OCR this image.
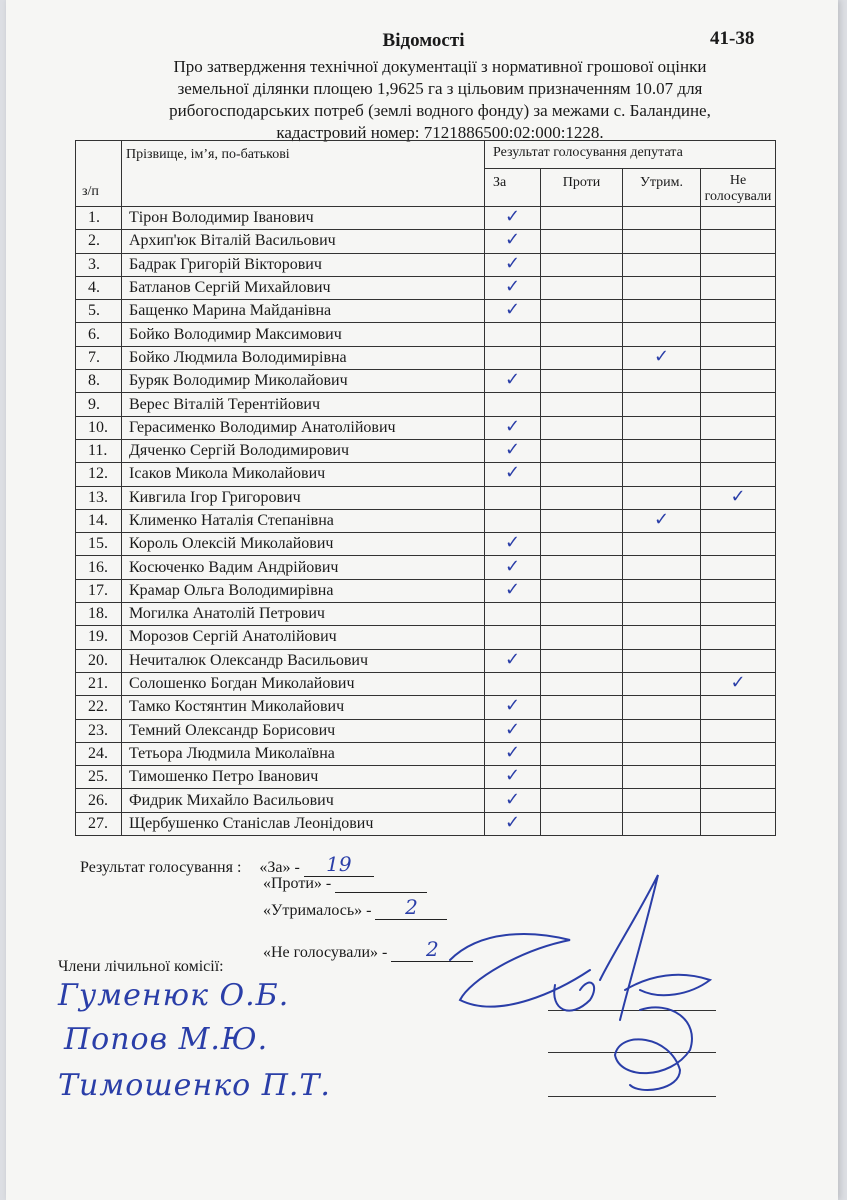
41-38
Відомості
Про затвердження технічної документації з нормативної грошової оцінки
земельної ділянки площею 1,9625 га з цільовим призначенням 10.07 для
рибогосподарських потреб (землі водного фонду) за межами с. Баландине,
кадастровий номер: 7121886500:02:000:1228.
з/п	Прізвище, ім’я, по-батькові	Результат голосування депутата			
		За	Проти	Утрим.	Не голосували
1.	Тірон Володимир Іванович	✓			
2.	Архип'юк Віталій Васильович	✓			
3.	Бадрак Григорій Вікторович	✓			
4.	Батланов Сергій Михайлович	✓			
5.	Бащенко Марина Майданівна	✓			
6.	Бойко Володимир Максимович				
7.	Бойко Людмила Володимирівна			✓	
8.	Буряк Володимир Миколайович	✓			
9.	Верес Віталій Терентійович				
10.	Герасименко Володимир Анатолійович	✓			
11.	Дяченко Сергій Володимирович	✓			
12.	Ісаков Микола Миколайович	✓			
13.	Кивгила Ігор Григорович				✓
14.	Клименко Наталія Степанівна			✓	
15.	Король Олексій Миколайович	✓			
16.	Косюченко Вадим Андрійович	✓			
17.	Крамар Ольга Володимирівна	✓			
18.	Могилка Анатолій Петрович				
19.	Морозов Сергій Анатолійович				
20.	Нечиталюк Олександр Васильович	✓			
21.	Солошенко Богдан Миколайович				✓
22.	Тамко Костянтин Миколайович	✓			
23.	Темний Олександр Борисович	✓			
24.	Тетьора Людмила Миколаївна	✓			
25.	Тимошенко Петро Іванович	✓			
26.	Фидрик Михайло Васильович	✓			
27.	Щербушенко Станіслав Леонідович	✓			
Результат голосування : «За» - 19
«Проти» -
«Утрималось» - 2
«Не голосували» - 2
Члени лічильної комісії:
Гуменюк О.Б.
Попов М.Ю.
Тимошенко П.Т.
